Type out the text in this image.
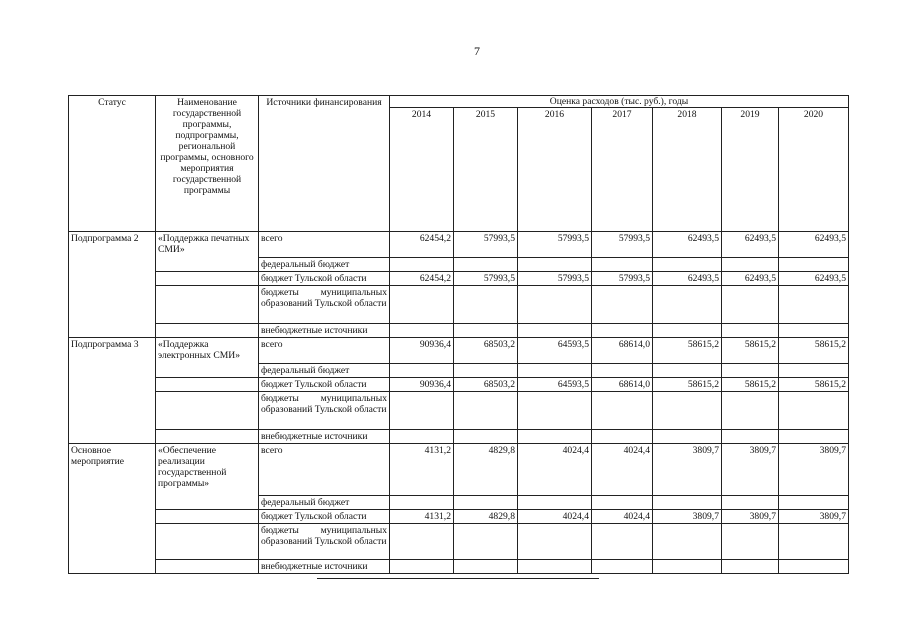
7
Статус	Наименование государственной программы, подпрограммы, региональной программы, основного мероприятия государственной программы	Источники финансирования	Оценка расходов (тыс. руб.), годы						
			2014	2015	2016	2017	2018	2019	2020
Подпрограмма 2	«Поддержка печатных СМИ»	всего	62454,2	57993,5	57993,5	57993,5	62493,5	62493,5	62493,5
		федеральный бюджет							
		бюджет Тульской области	62454,2	57993,5	57993,5	57993,5	62493,5	62493,5	62493,5
		бюджеты муниципальных образований Тульской области							
		внебюджетные источники							
Подпрограмма 3	«Поддержка электронных СМИ»	всего	90936,4	68503,2	64593,5	68614,0	58615,2	58615,2	58615,2
		федеральный бюджет							
		бюджет Тульской области	90936,4	68503,2	64593,5	68614,0	58615,2	58615,2	58615,2
		бюджеты муниципальных образований Тульской области							
		внебюджетные источники							
Основное мероприятие	«Обеспечение реализации государственной программы»	всего	4131,2	4829,8	4024,4	4024,4	3809,7	3809,7	3809,7
		федеральный бюджет							
		бюджет Тульской области	4131,2	4829,8	4024,4	4024,4	3809,7	3809,7	3809,7
		бюджеты муниципальных образований Тульской области							
		внебюджетные источники							
